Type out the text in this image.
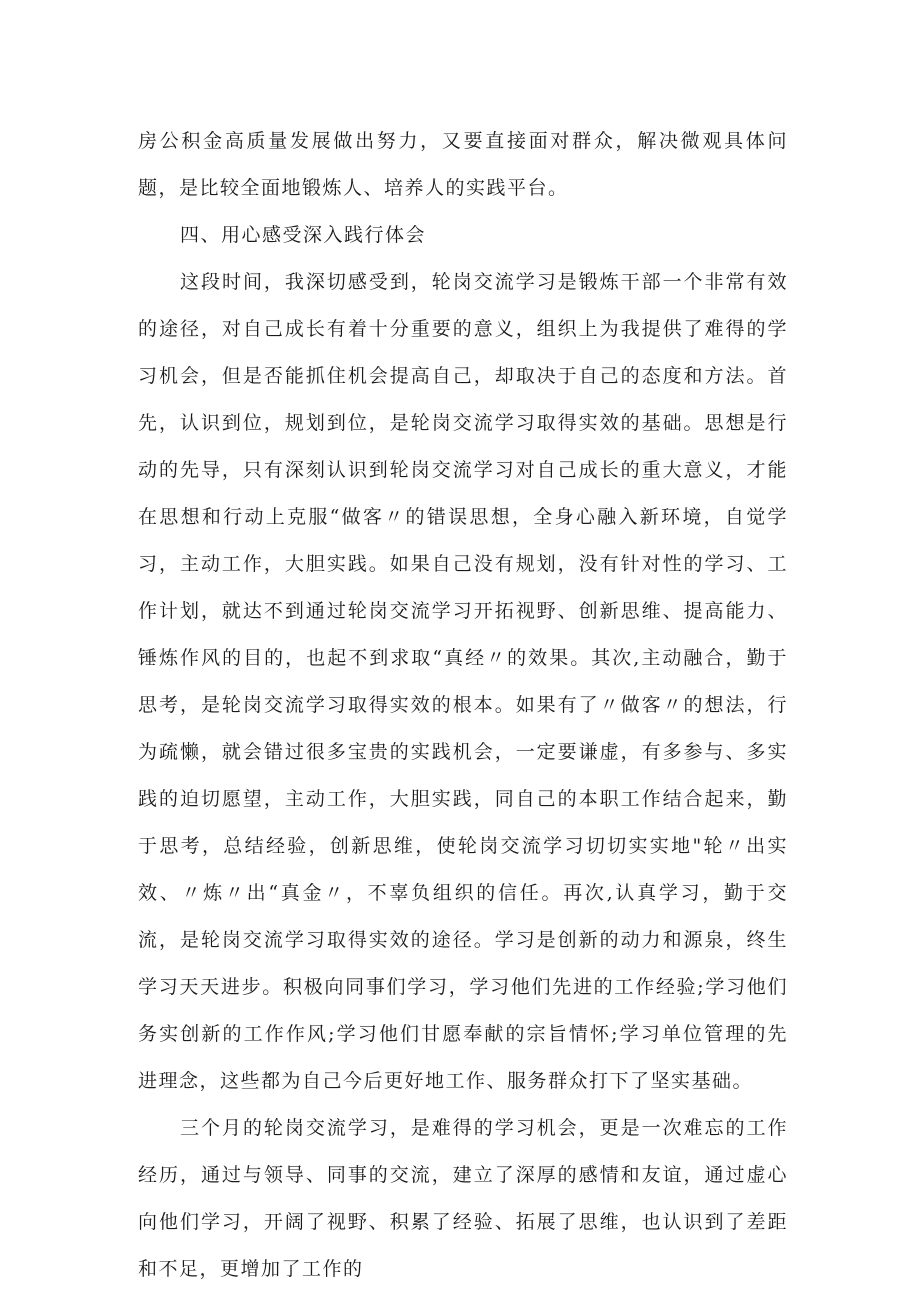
房公积金高质量发展做出努力，又要直接面对群众，解决微观具体问题，是比较全面地锻炼人、培养人的实践平台。

四、用心感受深入践行体会

这段时间，我深切感受到，轮岗交流学习是锻炼干部一个非常有效的途径，对自己成长有着十分重要的意义，组织上为我提供了难得的学习机会，但是否能抓住机会提高自己，却取决于自己的态度和方法。首先，认识到位，规划到位，是轮岗交流学习取得实效的基础。思想是行动的先导，只有深刻认识到轮岗交流学习对自己成长的重大意义，才能在思想和行动上克服“做客〃的错误思想，全身心融入新环境，自觉学习，主动工作，大胆实践。如果自己没有规划，没有针对性的学习、工作计划，就达不到通过轮岗交流学习开拓视野、创新思维、提高能力、锤炼作风的目的，也起不到求取“真经〃的效果。其次,主动融合，勤于思考，是轮岗交流学习取得实效的根本。如果有了〃做客〃的想法，行为疏懒，就会错过很多宝贵的实践机会，一定要谦虚，有多参与、多实践的迫切愿望，主动工作，大胆实践，同自己的本职工作结合起来，勤于思考，总结经验，创新思维，使轮岗交流学习切切实实地"轮〃出实效、〃炼〃出“真金〃，不辜负组织的信任。再次,认真学习，勤于交流，是轮岗交流学习取得实效的途径。学习是创新的动力和源泉，终生学习天天进步。积极向同事们学习，学习他们先进的工作经验;学习他们务实创新的工作作风;学习他们甘愿奉献的宗旨情怀;学习单位管理的先进理念，这些都为自己今后更好地工作、服务群众打下了坚实基础。

三个月的轮岗交流学习，是难得的学习机会，更是一次难忘的工作经历，通过与领导、同事的交流，建立了深厚的感情和友谊，通过虚心向他们学习，开阔了视野、积累了经验、拓展了思维，也认识到了差距和不足，更增加了工作的
